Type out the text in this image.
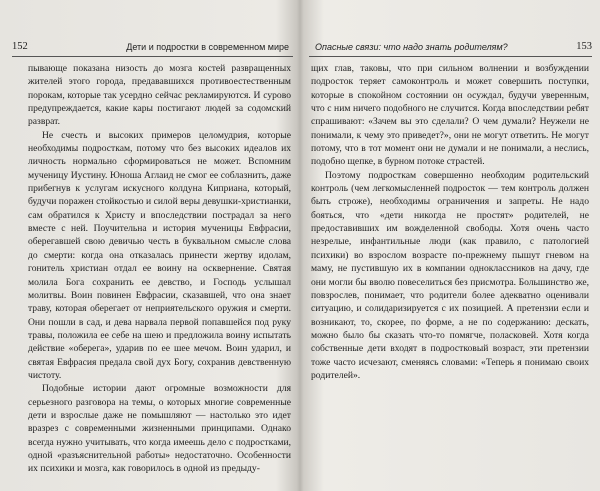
152	Дети и подростки в современном мире

пывающе показана низость до мозга костей развращенных жителей этого города, предававшихся противоестественным порокам, которые так усердно сейчас рекламируются. И сурово предупреждается, какие кары постигают людей за содомский разврат.

Не счесть и высоких примеров целомудрия, которые необходимы подросткам, потому что без высоких идеалов их личность нормально сформироваться не может. Вспомним мученицу Иустину. Юноша Аглаид не смог ее соблазнить, даже прибегнув к услугам искусного колдуна Киприана, который, будучи поражен стойкостью и силой веры девушки-христианки, сам обратился к Христу и впоследствии пострадал за него вместе с ней. Поучительна и история мученицы Евфрасии, оберегавшей свою девичью честь в буквальном смысле слова до смерти: когда она отказалась принести жертву идолам, гонитель христиан отдал ее воину на осквернение. Святая молила Бога сохранить ее девство, и Господь услышал молитвы. Воин повинен Евфрасии, сказавшей, что она знает траву, которая оберегает от неприятельского оружия и смерти. Они пошли в сад, и дева нарвала первой попавшейся под руку травы, положила ее себе на шею и предложила воину испытать действие «оберега», ударив по ее шее мечом. Воин ударил, и святая Евфрасия предала свой дух Богу, сохранив девственную чистоту.

Подобные истории дают огромные возможности для серьезного разговора на темы, о которых многие современные дети и взрослые даже не помышляют — настолько это идет вразрез с современными жизненными принципами. Однако всегда нужно учитывать, что когда имеешь дело с подростками, одной «разъяснительной работы» недостаточно. Особенности их психики и мозга, как говорилось в одной из предыду-

Опасные связи: что надо знать родителям?	153

щих глав, таковы, что при сильном волнении и возбуждении подросток теряет самоконтроль и может совершить поступки, которые в спокойном состоянии он осуждал, будучи уверенным, что с ним ничего подобного не случится. Когда впоследствии ребят спрашивают: «Зачем вы это сделали? О чем думали? Неужели не понимали, к чему это приведет?», они не могут ответить. Не могут потому, что в тот момент они не думали и не понимали, а неслись, подобно щепке, в бурном потоке страстей.

Поэтому подросткам совершенно необходим родительский контроль (чем легкомысленней подросток — тем контроль должен быть строже), необходимы ограничения и запреты. Не надо бояться, что «дети никогда не простят» родителей, не предоставивших им вожделенной свободы. Хотя очень часто незрелые, инфантильные люди (как правило, с патологией психики) во взрослом возрасте по-прежнему пышут гневом на маму, не пустившую их в компании одноклассников на дачу, где они могли бы вволю повеселиться без присмотра. Большинство же, повзрослев, понимает, что родители более адекватно оценивали ситуацию, и солидаризируется с их позицией. А претензии если и возникают, то, скорее, по форме, а не по содержанию: дескать, можно было бы сказать что-то помягче, поласковей. Хотя когда собственные дети входят в подростковый возраст, эти претензии тоже часто исчезают, сменяясь словами: «Теперь я понимаю своих родителей».
